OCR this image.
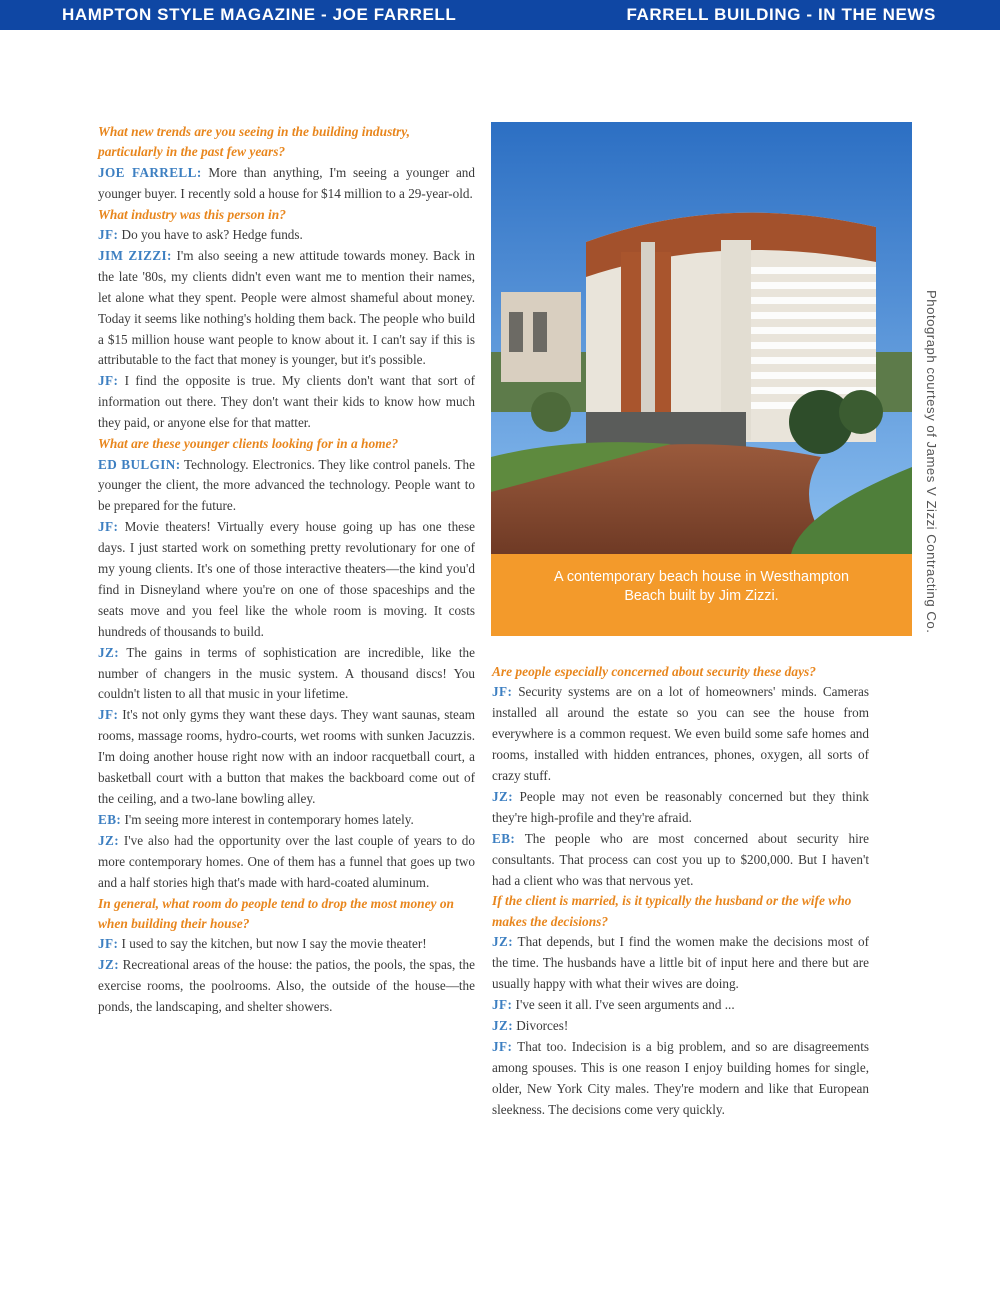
HAMPTON STYLE MAGAZINE - JOE FARRELL	FARRELL BUILDING - IN THE NEWS

What new trends are you seeing in the building industry, particularly in the past few years?

JOE FARRELL: More than anything, I'm seeing a younger and younger buyer. I recently sold a house for $14 million to a 29-year-old.

What industry was this person in?

JF: Do you have to ask? Hedge funds.

JIM ZIZZI: I'm also seeing a new attitude towards money. Back in the late '80s, my clients didn't even want me to mention their names, let alone what they spent. People were almost shameful about money. Today it seems like nothing's holding them back. The people who build a $15 million house want people to know about it. I can't say if this is attributable to the fact that money is younger, but it's possible.

JF: I find the opposite is true. My clients don't want that sort of information out there. They don't want their kids to know how much they paid, or anyone else for that matter.

What are these younger clients looking for in a home?

ED BULGIN: Technology. Electronics. They like control panels. The younger the client, the more advanced the technology. People want to be prepared for the future.

JF: Movie theaters! Virtually every house going up has one these days. I just started work on something pretty revolutionary for one of my young clients. It's one of those interactive theaters—the kind you'd find in Disneyland where you're on one of those spaceships and the seats move and you feel like the whole room is moving. It costs hundreds of thousands to build.

JZ: The gains in terms of sophistication are incredible, like the number of changers in the music system. A thousand discs! You couldn't listen to all that music in your lifetime.

JF: It's not only gyms they want these days. They want saunas, steam rooms, massage rooms, hydro-courts, wet rooms with sunken Jacuzzis. I'm doing another house right now with an indoor racquetball court, a basketball court with a button that makes the backboard come out of the ceiling, and a two-lane bowling alley.

EB: I'm seeing more interest in contemporary homes lately.

JZ: I've also had the opportunity over the last couple of years to do more contemporary homes. One of them has a funnel that goes up two and a half stories high that's made with hard-coated aluminum.

In general, what room do people tend to drop the most money on when building their house?

JF: I used to say the kitchen, but now I say the movie theater!

JZ: Recreational areas of the house: the patios, the pools, the spas, the exercise rooms, the poolrooms. Also, the outside of the house—the ponds, the landscaping, and shelter showers.

A contemporary beach house in Westhampton
Beach built by Jim Zizzi.	Photograph courtesy of James V Zizzi Contracting Co.

Are people especially concerned about security these days?

JF: Security systems are on a lot of homeowners' minds. Cameras installed all around the estate so you can see the house from everywhere is a common request. We even build some safe homes and rooms, installed with hidden entrances, phones, oxygen, all sorts of crazy stuff.

JZ: People may not even be reasonably concerned but they think they're high-profile and they're afraid.

EB: The people who are most concerned about security hire consultants. That process can cost you up to $200,000. But I haven't had a client who was that nervous yet.

If the client is married, is it typically the husband or the wife who makes the decisions?

JZ: That depends, but I find the women make the decisions most of the time. The husbands have a little bit of input here and there but are usually happy with what their wives are doing.

JF: I've seen it all. I've seen arguments and ...

JZ: Divorces!

JF: That too. Indecision is a big problem, and so are disagreements among spouses. This is one reason I enjoy building homes for single, older, New York City males. They're modern and like that European sleekness. The decisions come very quickly.
